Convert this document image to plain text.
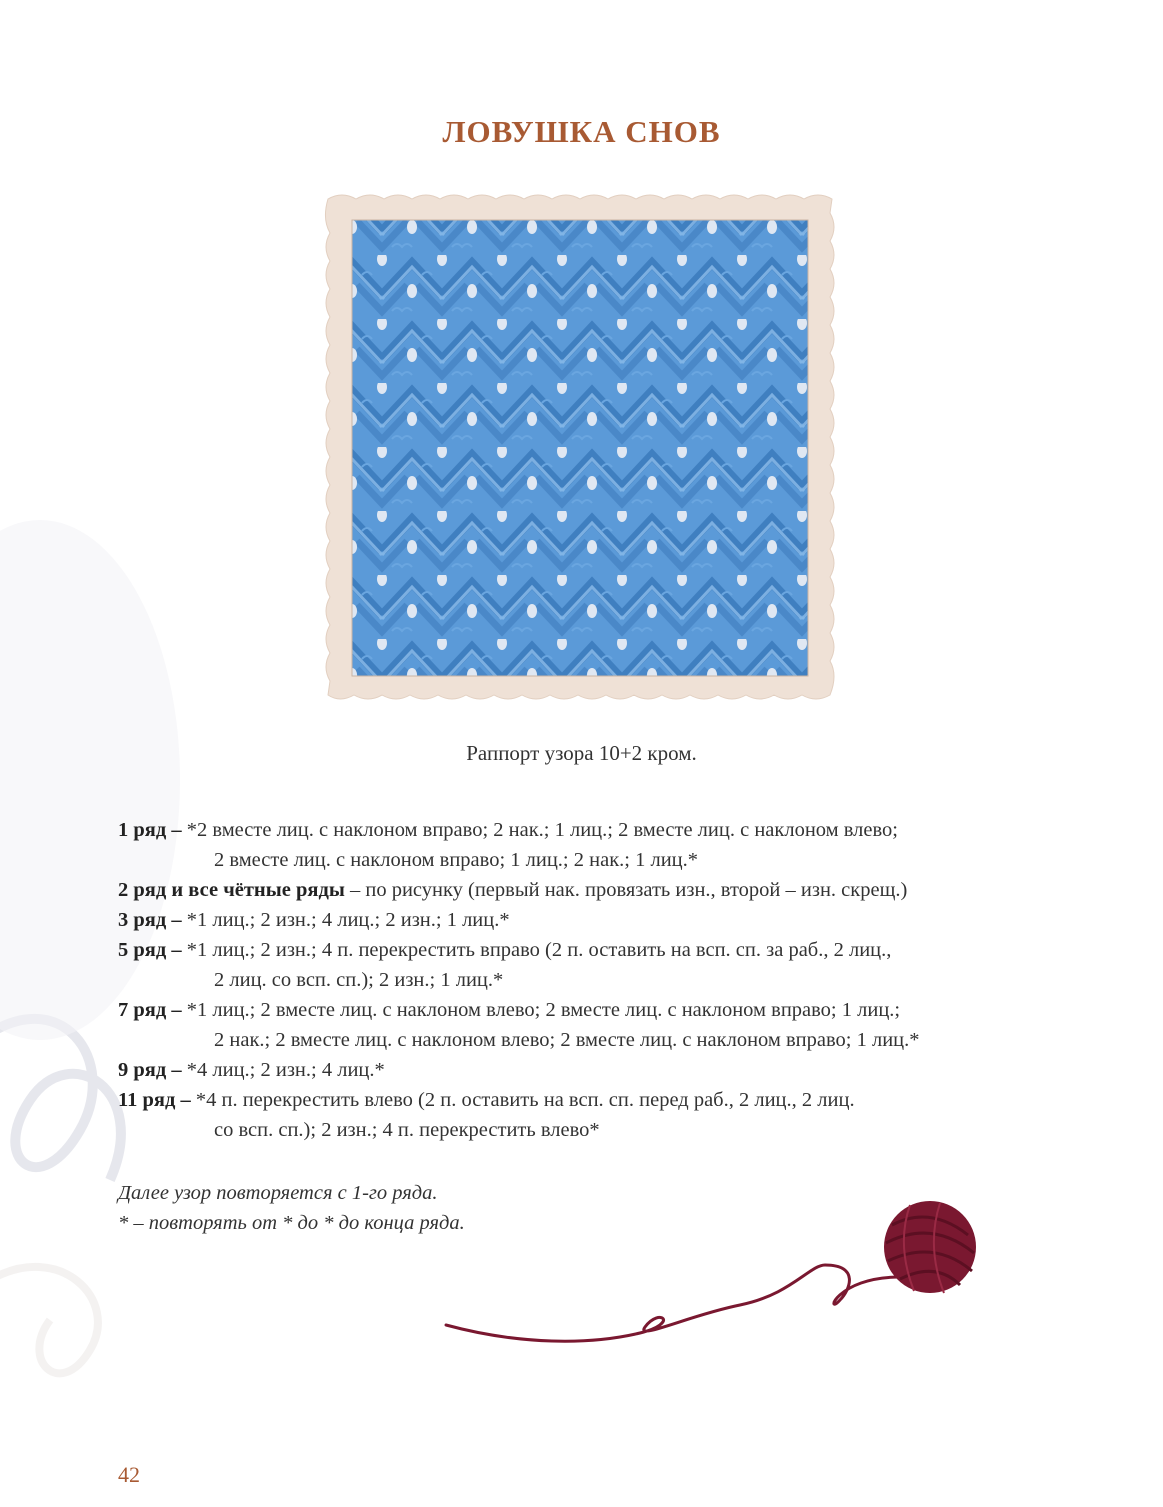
ЛОВУШКА СНОВ
Раппорт узора 10+2 кром.
1 ряд – *2 вместе лиц. с наклоном вправо; 2 нак.; 1 лиц.; 2 вместе лиц. с наклоном влево;
2 вместе лиц. с наклоном вправо; 1 лиц.; 2 нак.; 1 лиц.*
2 ряд и все чётные ряды – по рисунку (первый нак. провязать изн., второй – изн. скрещ.)
3 ряд – *1 лиц.; 2 изн.; 4 лиц.; 2 изн.; 1 лиц.*
5 ряд – *1 лиц.; 2 изн.; 4 п. перекрестить вправо (2 п. оставить на всп. сп. за раб., 2 лиц.,
2 лиц. со всп. сп.); 2 изн.; 1 лиц.*
7 ряд – *1 лиц.; 2 вместе лиц. с наклоном влево; 2 вместе лиц. с наклоном вправо; 1 лиц.;
2 нак.; 2 вместе лиц. с наклоном влево; 2 вместе лиц. с наклоном вправо; 1 лиц.*
9 ряд – *4 лиц.; 2 изн.; 4 лиц.*
11 ряд – *4 п. перекрестить влево (2 п. оставить на всп. сп. перед раб., 2 лиц., 2 лиц.
со всп. сп.); 2 изн.; 4 п. перекрестить влево*
Далее узор повторяется с 1-го ряда.
* – повторять от * до * до конца ряда.
42
